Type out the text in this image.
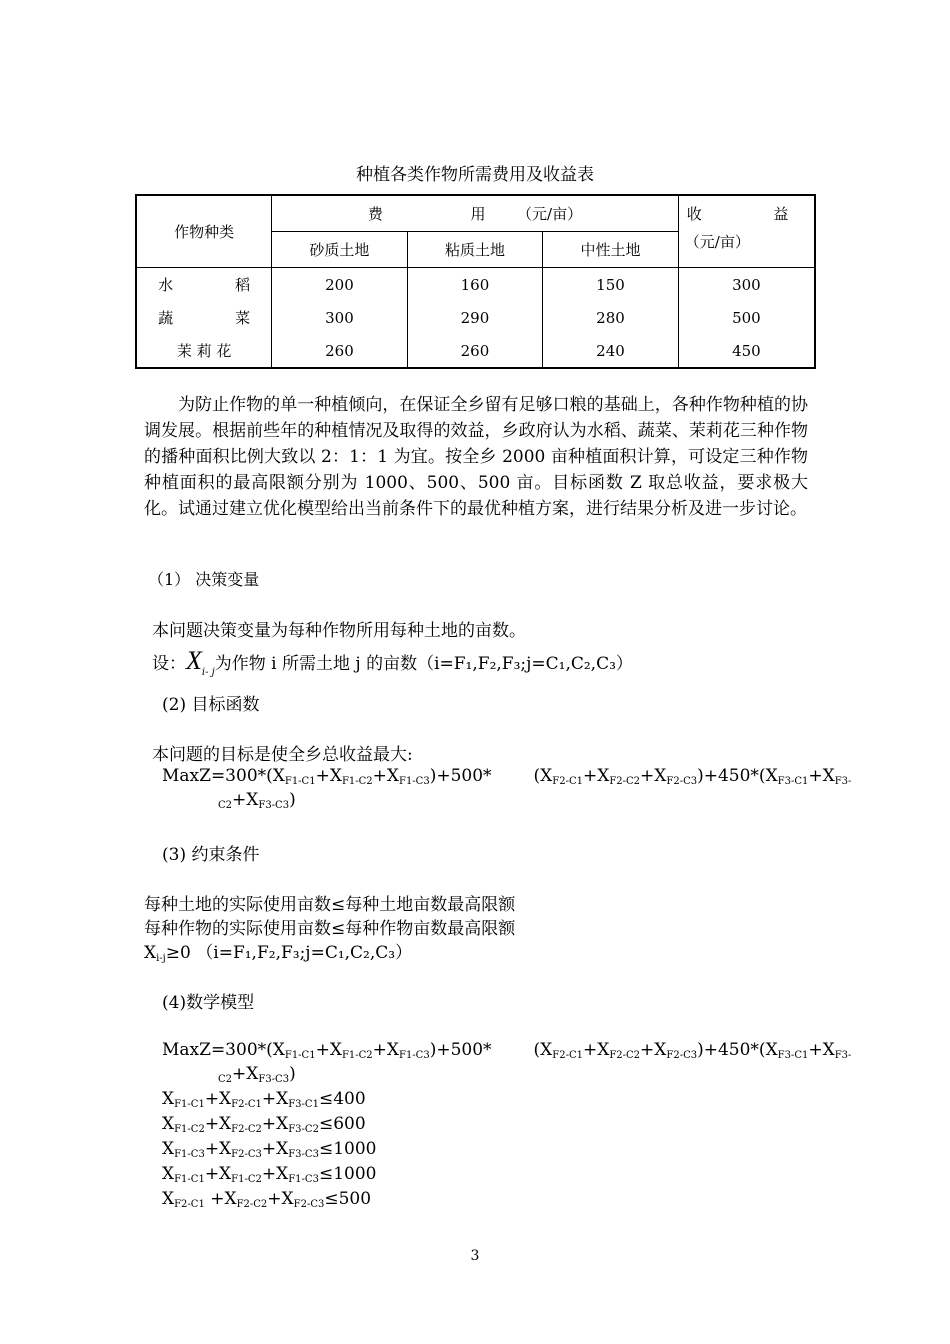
种植各类作物所需费用及收益表
作物种类	费 用 （元/亩）			收 益
	砂质土地	粘质土地	中性土地	（元/亩）
水 稻	200	160	150	300
蔬 菜	300	290	280	500
茉 莉 花	260	260	240	450
为防止作物的单一种植倾向，在保证全乡留有足够口粮的基础上，各种作物种植的协调发展。根据前些年的种植情况及取得的效益，乡政府认为水稻、蔬菜、茉莉花三种作物的播种面积比例大致以 2：1：1 为宜。按全乡 2000 亩种植面积计算，可设定三种作物种植面积的最高限额分别为 1000、500、500 亩。目标函数 Z 取总收益，要求极大化。试通过建立优化模型给出当前条件下的最优种植方案，进行结果分析及进一步讨论。
（1） 决策变量
本问题决策变量为每种作物所用每种土地的亩数。
设：$X_{i- j}$为作物 i 所需土地 j 的亩数（i=F₁,F₂,F₃;j=C₁,C₂,C₃）
(2) 目标函数
本问题的目标是使全乡总收益最大:
$MaxZ=300*(X_{F1-C1}+X_{F1-C2}+X_{F1-C3})+500*$ $(X_{F2-C1}+X_{F2-C2}+X_{F2-C3})+450*(X_{F3-C1}+X_{F3-}$
$_{C2}+X_{F3-C3}$)
(3) 约束条件
每种土地的实际使用亩数≤每种土地亩数最高限额
每种作物的实际使用亩数≤每种作物亩数最高限额
$X_{i-j}\ge 0$ （i=F₁,F₂,F₃;j=C₁,C₂,C₃）
(4)数学模型
$MaxZ=300*(X_{F1-C1}+X_{F1-C2}+X_{F1-C3})+500*$ $(X_{F2-C1}+X_{F2-C2}+X_{F2-C3})+450*(X_{F3-C1}+X_{F3-}$
$_{C2}+X_{F3-C3}$)
$X_{F1-C1}+X_{F2-C1}+X_{F3-C1}\le 400$
$X_{F1-C2}+X_{F2-C2}+X_{F3-C2}\le 600$
$X_{F1-C3}+X_{F2-C3}+X_{F3-C3}\le 1000$
$X_{F1-C1}+X_{F1-C2}+X_{F1-C3}\le 1000$
$X_{F2-C1} +X_{F2-C2}+X_{F2-C3}\le 500$
3
